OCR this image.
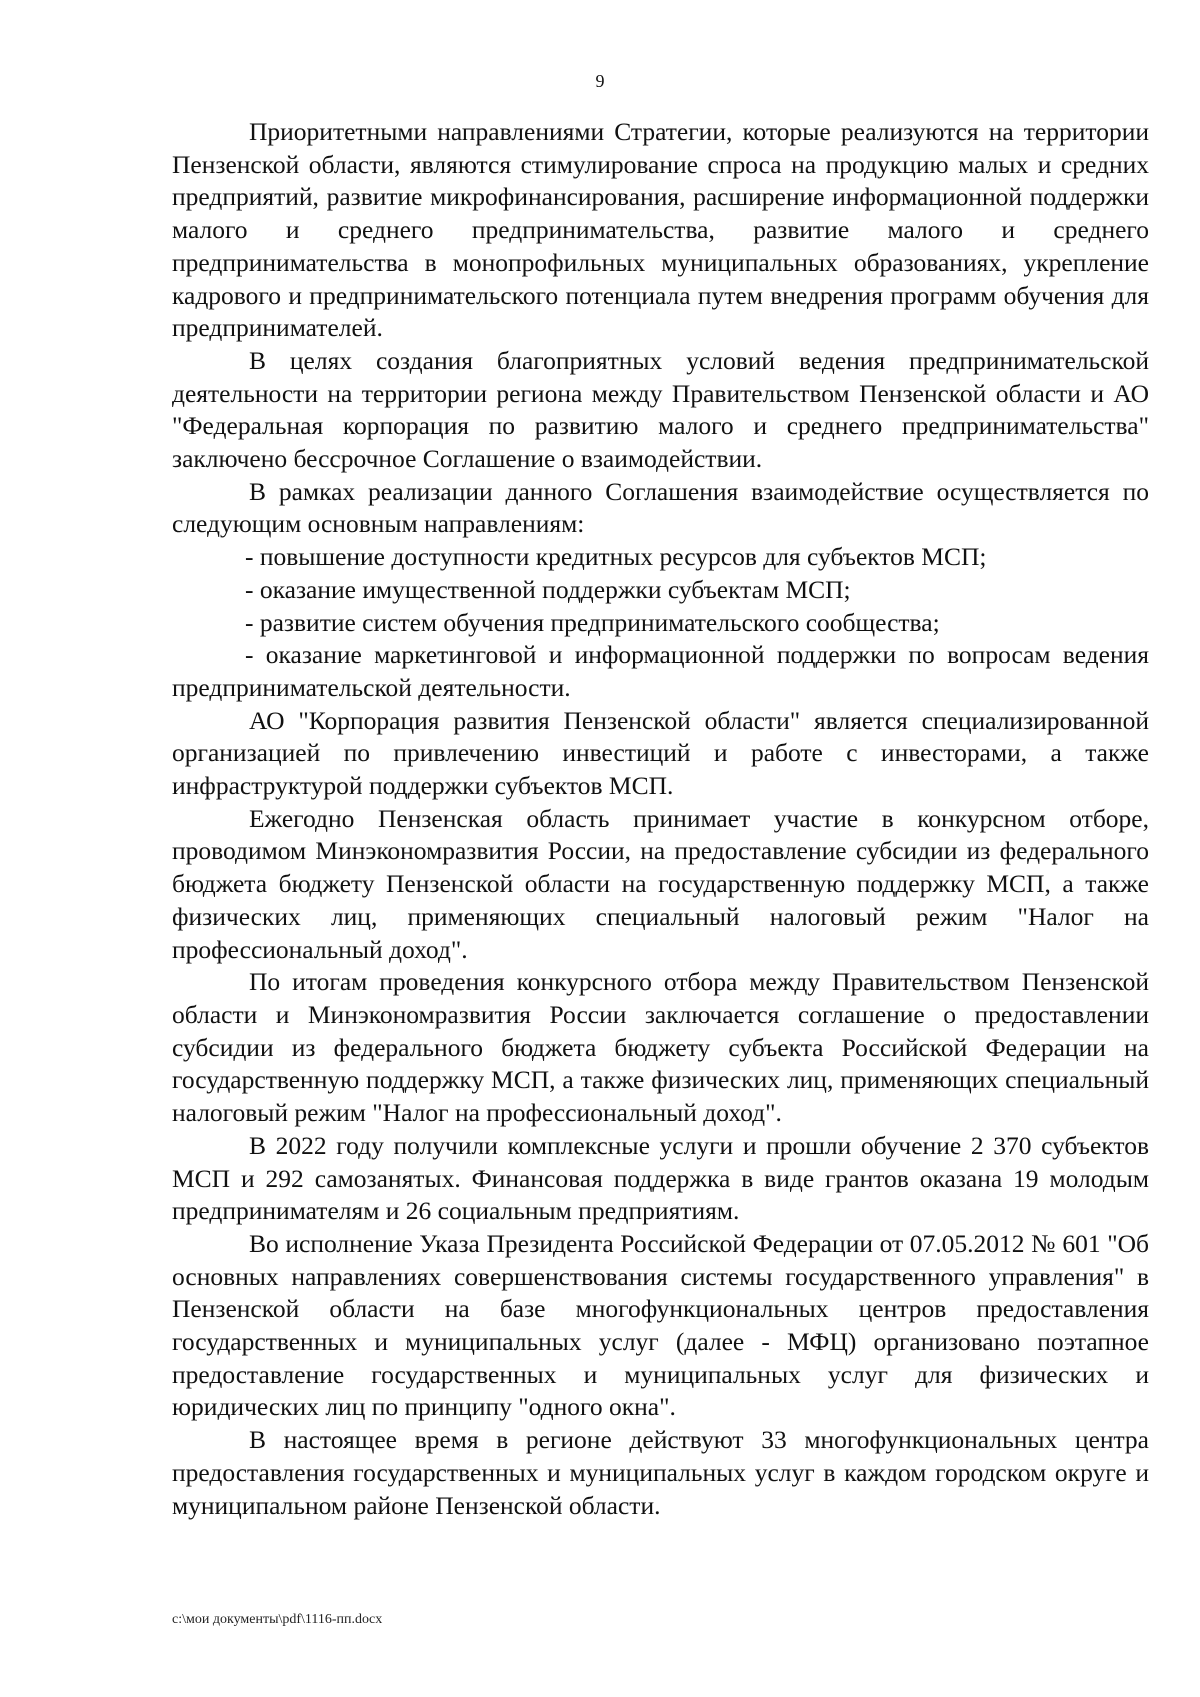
9

Приоритетными направлениями Стратегии, которые реализуются на территории Пензенской области, являются стимулирование спроса на продукцию малых и средних предприятий, развитие микрофинансирования, расширение информационной поддержки малого и среднего предпринимательства, развитие малого и среднего предпринимательства в монопрофильных муниципальных образованиях, укрепление кадрового и предпринимательского потенциала путем внедрения программ обучения для предпринимателей.

В целях создания благоприятных условий ведения предпринимательской деятельности на территории региона между Правительством Пензенской области и АО "Федеральная корпорация по развитию малого и среднего предпринимательства" заключено бессрочное Соглашение о взаимодействии.

В рамках реализации данного Соглашения взаимодействие осуществляется по следующим основным направлениям:

- повышение доступности кредитных ресурсов для субъектов МСП;

- оказание имущественной поддержки субъектам МСП;

- развитие систем обучения предпринимательского сообщества;

- оказание маркетинговой и информационной поддержки по вопросам ведения предпринимательской деятельности.

АО "Корпорация развития Пензенской области" является специализированной организацией по привлечению инвестиций и работе с инвесторами, а также инфраструктурой поддержки субъектов МСП.

Ежегодно Пензенская область принимает участие в конкурсном отборе, проводимом Минэкономразвития России, на предоставление субсидии из федерального бюджета бюджету Пензенской области на государственную поддержку МСП, а также физических лиц, применяющих специальный налоговый режим "Налог на профессиональный доход".

По итогам проведения конкурсного отбора между Правительством Пензенской области и Минэкономразвития России заключается соглашение о предоставлении субсидии из федерального бюджета бюджету субъекта Российской Федерации на государственную поддержку МСП, а также физических лиц, применяющих специальный налоговый режим "Налог на профессиональный доход".

В 2022 году получили комплексные услуги и прошли обучение 2 370 субъектов МСП и 292 самозанятых. Финансовая поддержка в виде грантов оказана 19 молодым предпринимателям и 26 социальным предприятиям.

Во исполнение Указа Президента Российской Федерации от 07.05.2012 № 601 "Об основных направлениях совершенствования системы государственного управления" в Пензенской области на базе многофункциональных центров предоставления государственных и муниципальных услуг (далее - МФЦ) организовано поэтапное предоставление государственных и муниципальных услуг для физических и юридических лиц по принципу "одного окна".

В настоящее время в регионе действуют 33 многофункциональных центра предоставления государственных и муниципальных услуг в каждом городском округе и муниципальном районе Пензенской области.

c:\мои документы\pdf\1116-пп.docx
